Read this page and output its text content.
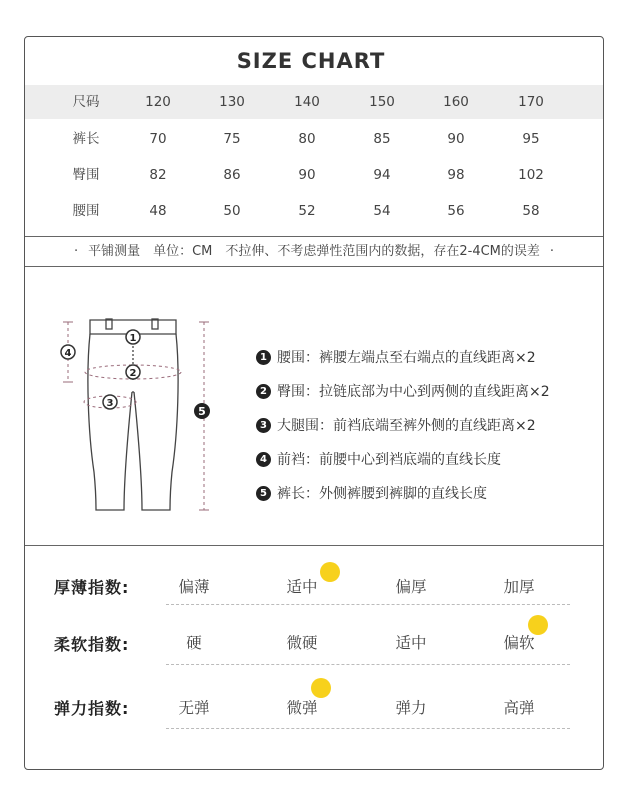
SIZE CHART
尺码	120	130	140	150	160	170
裤长	70	75	80	85	90	95
臀围	82	86	90	94	98	102
腰围	48	50	52	54	56	58
· 平铺测量　单位：CM　不拉伸、不考虑弹性范围内的数据，存在2-4CM的误差 ·
1
2
3
4
5
1 腰围：裤腰左端点至右端点的直线距离×2
2 臀围：拉链底部为中心到两侧的直线距离×2
3 大腿围：前裆底端至裤外侧的直线距离×2
4 前裆：前腰中心到裆底端的直线长度
5 裤长：外侧裤腰到裤脚的直线长度
厚薄指数:	偏薄	适中	偏厚	加厚
柔软指数:	硬	微硬	适中	偏软
弹力指数:	无弹	微弹	弹力	高弹
